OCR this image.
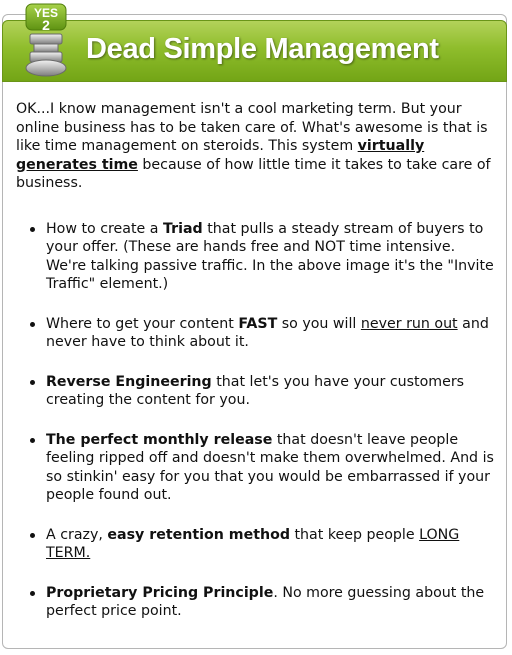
YES
2
Dead Simple Management

OK...I know management isn't a cool marketing term. But your online business has to be taken care of. What's awesome is that is like time management on steroids. This system virtually generates time because of how little time it takes to take care of business.

How to create a Triad that pulls a steady stream of buyers to your offer. (These are hands free and NOT time intensive. We're talking passive traffic. In the above image it's the "Invite Traffic" element.)
Where to get your content FAST so you will never run out and never have to think about it.
Reverse Engineering that let's you have your customers creating the content for you.
The perfect monthly release that doesn't leave people feeling ripped off and doesn't make them overwhelmed. And is so stinkin' easy for you that you would be embarrassed if your people found out.
A crazy, easy retention method that keep people LONG TERM.
Proprietary Pricing Principle. No more guessing about the perfect price point.
